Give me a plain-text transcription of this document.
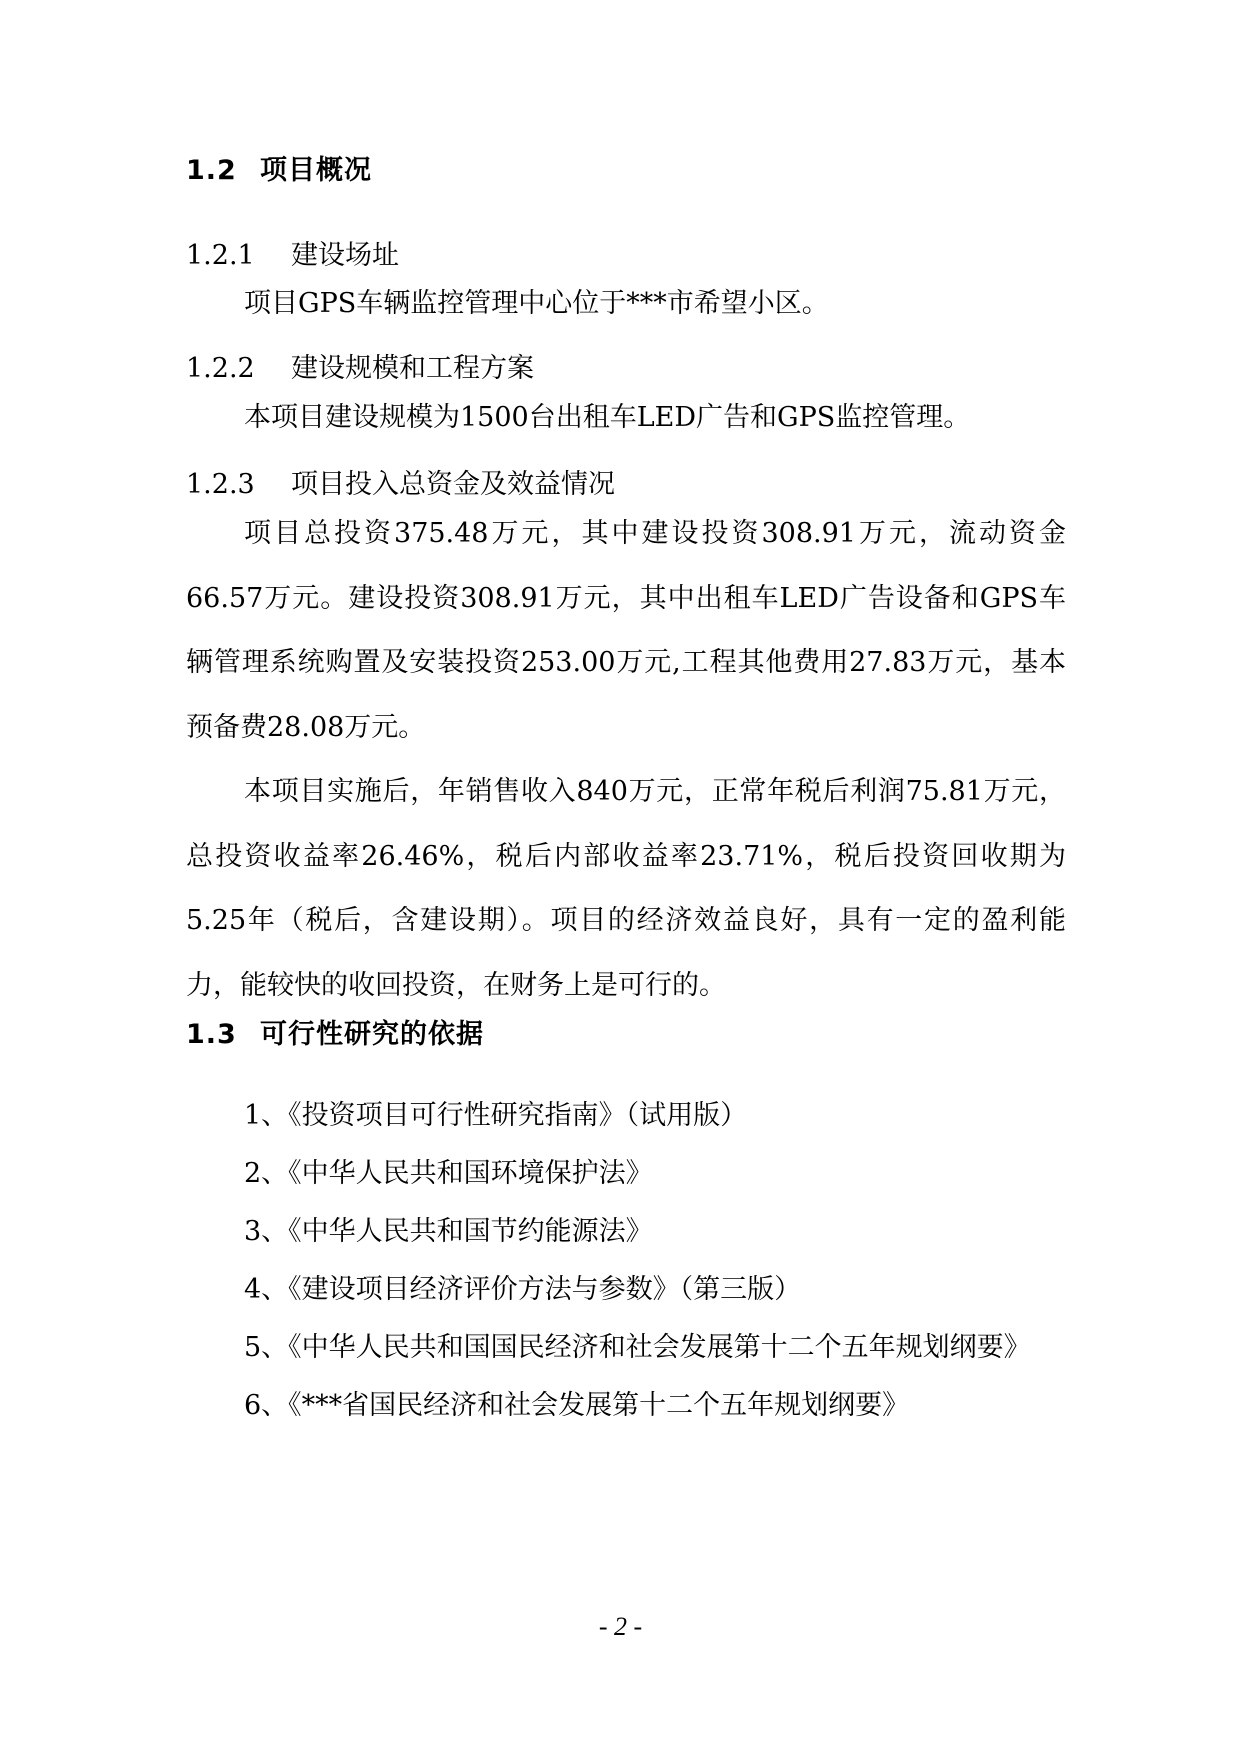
1.2 项目概况
1.2.1 建设场址
项目GPS车辆监控管理中心位于***市希望小区。
1.2.2 建设规模和工程方案
本项目建设规模为1500台出租车LED广告和GPS监控管理。
1.2.3 项目投入总资金及效益情况
项目总投资375.48万元，其中建设投资308.91万元，流动资金66.57万元。建设投资308.91万元，其中出租车LED广告设备和GPS车辆管理系统购置及安装投资253.00万元,工程其他费用27.83万元，基本预备费28.08万元。
本项目实施后，年销售收入840万元，正常年税后利润75.81万元，总投资收益率26.46%，税后内部收益率23.71%，税后投资回收期为5.25年（税后，含建设期）。项目的经济效益良好，具有一定的盈利能力，能较快的收回投资，在财务上是可行的。
1.3 可行性研究的依据
1、《投资项目可行性研究指南》（试用版）
2、《中华人民共和国环境保护法》
3、《中华人民共和国节约能源法》
4、《建设项目经济评价方法与参数》（第三版）
5、《中华人民共和国国民经济和社会发展第十二个五年规划纲要》
6、《***省国民经济和社会发展第十二个五年规划纲要》
- 2 -
